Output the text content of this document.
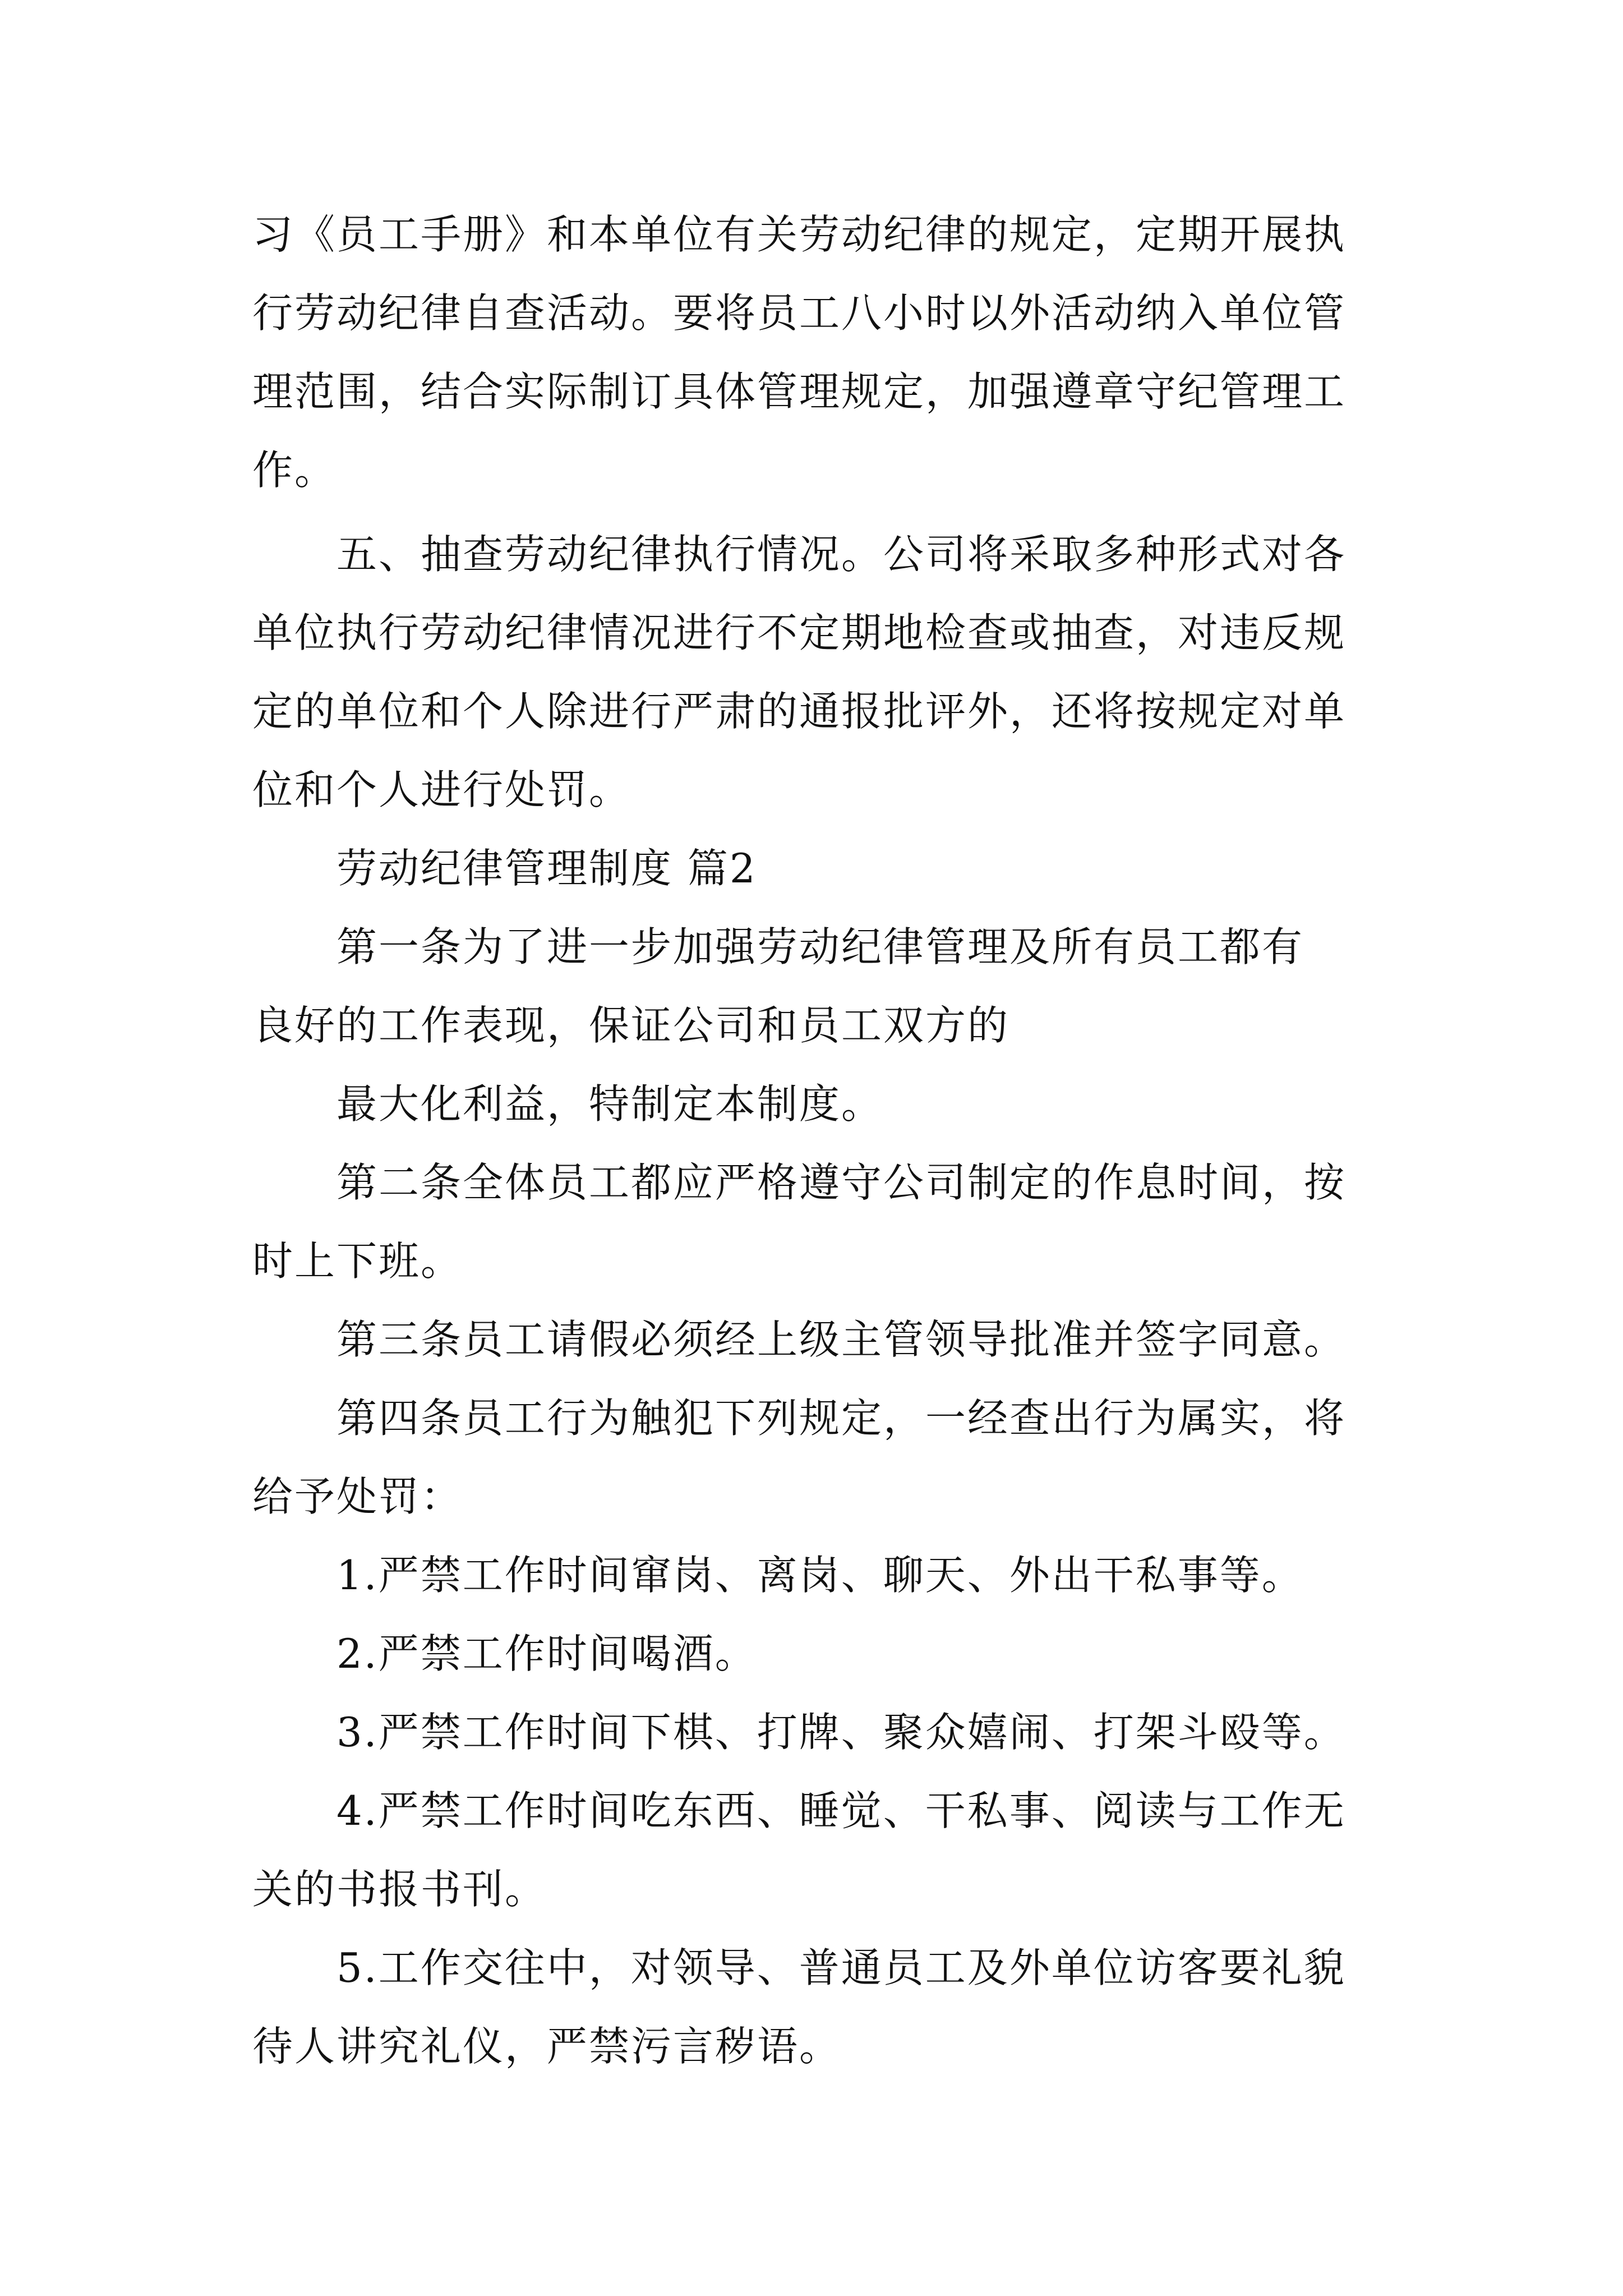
习《员工手册》和本单位有关劳动纪律的规定，定期开展执
行劳动纪律自查活动。要将员工八小时以外活动纳入单位管
理范围，结合实际制订具体管理规定，加强遵章守纪管理工
作。
五、抽查劳动纪律执行情况。公司将采取多种形式对各
单位执行劳动纪律情况进行不定期地检查或抽查，对违反规
定的单位和个人除进行严肃的通报批评外，还将按规定对单
位和个人进行处罚。
劳动纪律管理制度 篇2
第一条为了进一步加强劳动纪律管理及所有员工都有
良好的工作表现，保证公司和员工双方的
最大化利益，特制定本制度。
第二条全体员工都应严格遵守公司制定的作息时间，按
时上下班。
第三条员工请假必须经上级主管领导批准并签字同意。
第四条员工行为触犯下列规定，一经查出行为属实，将
给予处罚：
1.严禁工作时间窜岗、离岗、聊天、外出干私事等。
2.严禁工作时间喝酒。
3.严禁工作时间下棋、打牌、聚众嬉闹、打架斗殴等。
4.严禁工作时间吃东西、睡觉、干私事、阅读与工作无
关的书报书刊。
5.工作交往中，对领导、普通员工及外单位访客要礼貌
待人讲究礼仪，严禁污言秽语。
